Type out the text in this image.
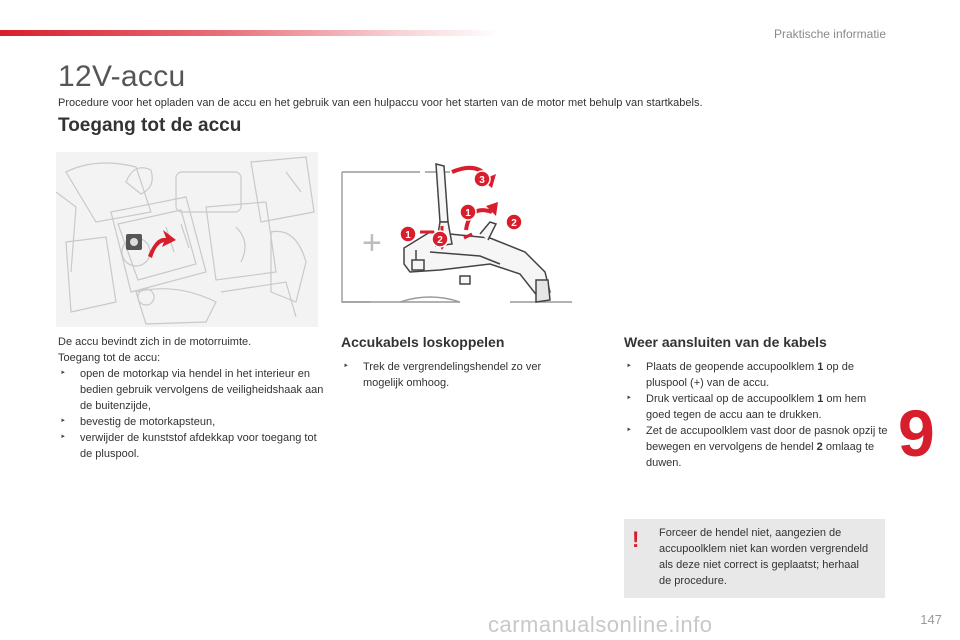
Praktische informatie
12V-accu
Procedure voor het opladen van de accu en het gebruik van een hulpaccu voor het starten van de motor met behulp van startkabels.
Toegang tot de accu
+
3
1
2
1	2

De accu bevindt zich in de motorruimte.

Toegang tot de accu:

‣ open de motorkap via hendel in het interieur en bedien gebruik vervolgens de veiligheidshaak aan de buitenzijde,
‣ bevestig de motorkapsteun,
‣ verwijder de kunststof afdekkap voor toegang tot de pluspool.
Accukabels loskoppelen
‣ Trek de vergrendelingshendel zo ver mogelijk omhoog.
Weer aansluiten van de kabels
‣ Plaats de geopende accupoolklem 1 op de pluspool (+) van de accu.
‣ Druk verticaal op de accupoolklem 1 om hem goed tegen de accu aan te drukken.
‣ Zet de accupoolklem vast door de pasnok opzij te bewegen en vervolgens de hendel 2 omlaag te duwen.
! Forceer de hendel niet, aangezien de accupoolklem niet kan worden vergrendeld als deze niet correct is geplaatst; herhaal de procedure.
9
carmanualsonline.info	147
